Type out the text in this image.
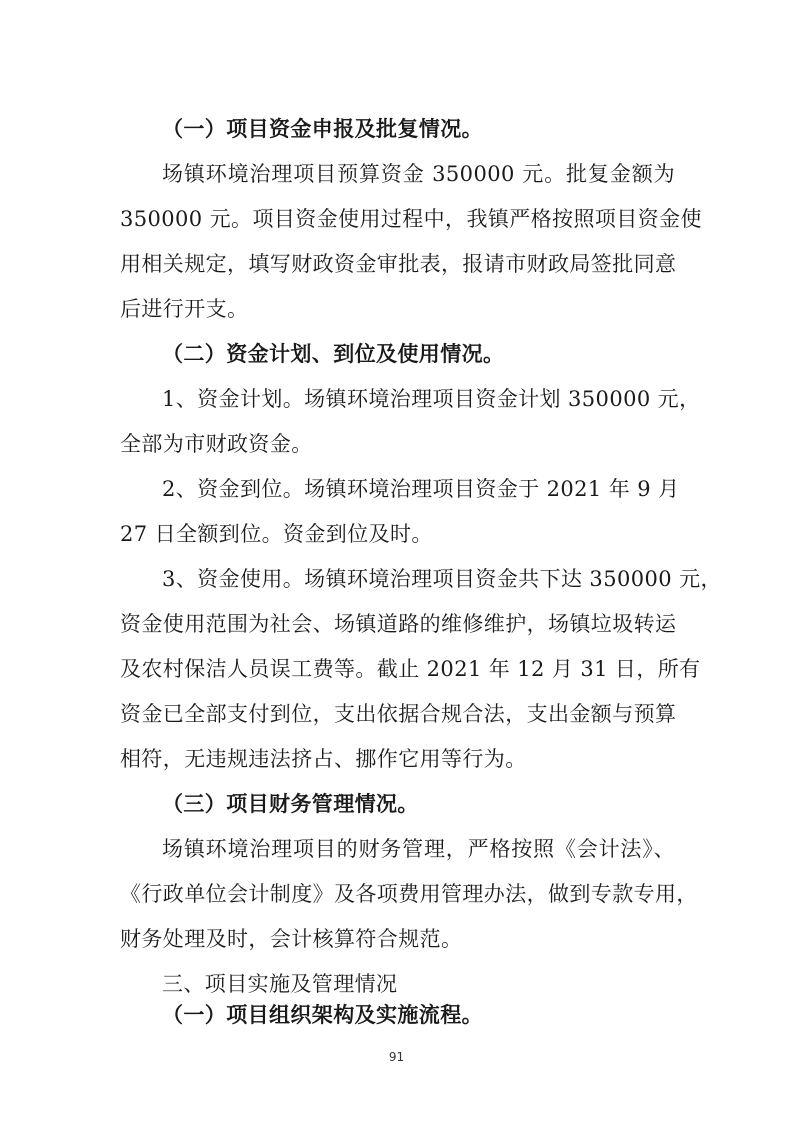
（一）项目资金申报及批复情况。
场镇环境治理项目预算资金 350000 元。批复金额为
350000 元。项目资金使用过程中，我镇严格按照项目资金使
用相关规定，填写财政资金审批表，报请市财政局签批同意
后进行开支。
（二）资金计划、到位及使用情况。
1、资金计划。场镇环境治理项目资金计划 350000 元，
全部为市财政资金。
2、资金到位。场镇环境治理项目资金于 2021 年 9 月
27 日全额到位。资金到位及时。
3、资金使用。场镇环境治理项目资金共下达 350000 元，
资金使用范围为社会、场镇道路的维修维护，场镇垃圾转运
及农村保洁人员误工费等。截止 2021 年 12 月 31 日，所有
资金已全部支付到位，支出依据合规合法，支出金额与预算
相符，无违规违法挤占、挪作它用等行为。
（三）项目财务管理情况。
场镇环境治理项目的财务管理，严格按照《会计法》、
《行政单位会计制度》及各项费用管理办法，做到专款专用，
财务处理及时，会计核算符合规范。
三、项目实施及管理情况
（一）项目组织架构及实施流程。
91
